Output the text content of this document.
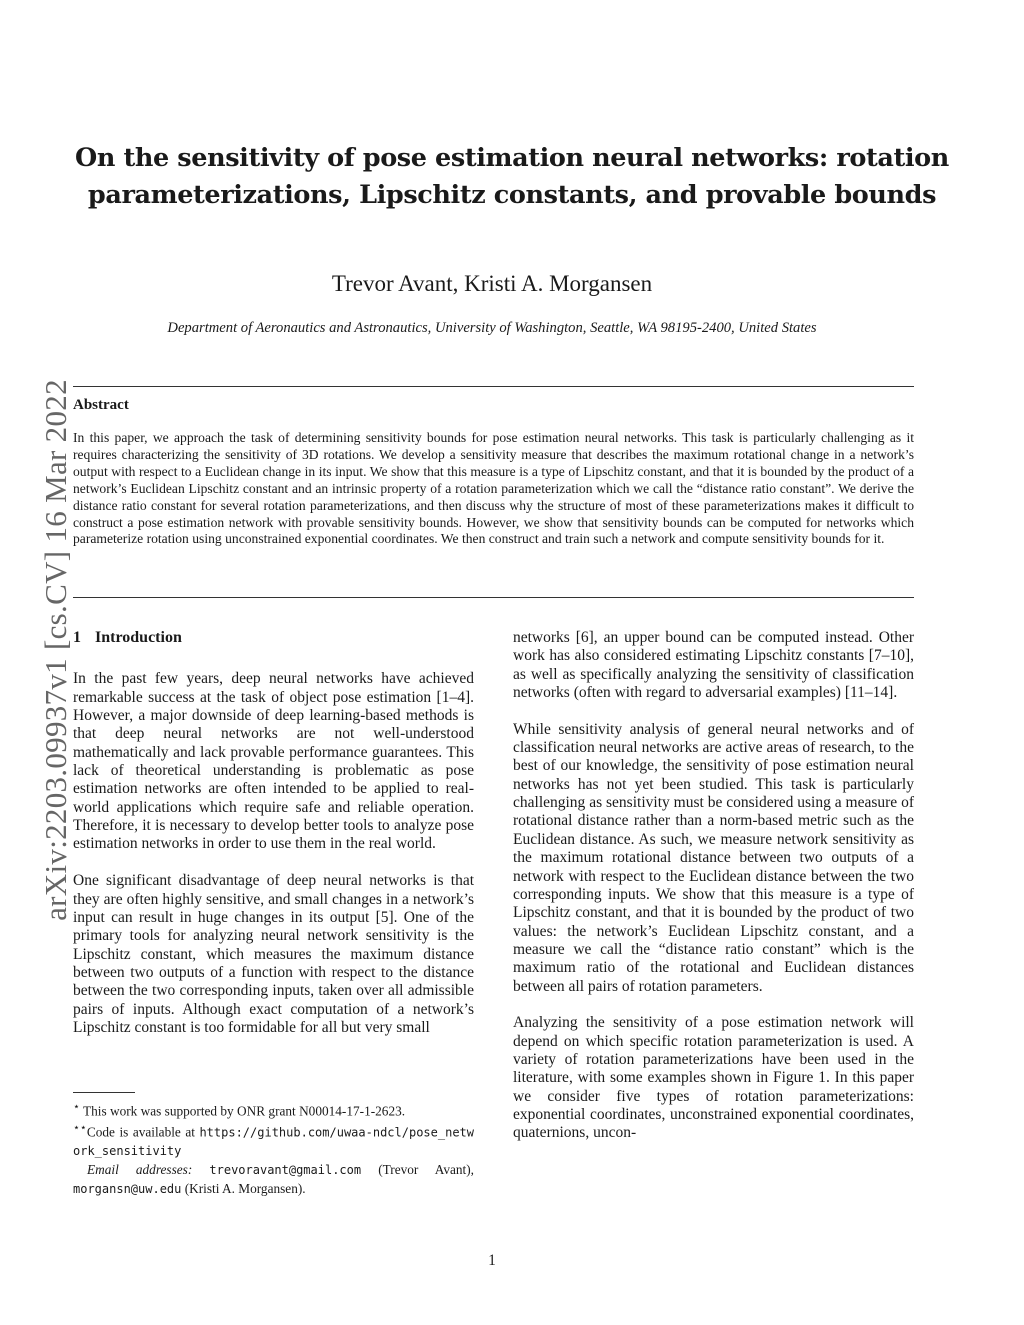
arXiv:2203.09937v1 [cs.CV] 16 Mar 2022
On the sensitivity of pose estimation neural networks: rotation
parameterizations, Lipschitz constants, and provable bounds
Trevor Avant, Kristi A. Morgansen
Department of Aeronautics and Astronautics, University of Washington, Seattle, WA 98195-2400, United States
Abstract

In this paper, we approach the task of determining sensitivity bounds for pose estimation neural networks. This task is particularly challenging as it requires characterizing the sensitivity of 3D rotations. We develop a sensitivity measure that describes the maximum rotational change in a network’s output with respect to a Euclidean change in its input. We show that this measure is a type of Lipschitz constant, and that it is bounded by the product of a network’s Euclidean Lipschitz constant and an intrinsic property of a rotation parameterization which we call the “distance ratio constant”. We derive the distance ratio constant for several rotation parameterizations, and then discuss why the structure of most of these parameterizations makes it difficult to construct a pose estimation network with provable sensitivity bounds. However, we show that sensitivity bounds can be computed for networks which parameterize rotation using unconstrained exponential coordinates. We then construct and train such a network and compute sensitivity bounds for it.

1 Introduction

In the past few years, deep neural networks have achieved remarkable success at the task of object pose estimation [1–4]. However, a major downside of deep learning-based methods is that deep neural networks are not well-understood mathematically and lack provable performance guarantees. This lack of theoretical understanding is problematic as pose estimation networks are often intended to be applied to real-world applications which require safe and reliable operation. Therefore, it is necessary to develop better tools to analyze pose estimation networks in order to use them in the real world.

One significant disadvantage of deep neural networks is that they are often highly sensitive, and small changes in a network’s input can result in huge changes in its output [5]. One of the primary tools for analyzing neural network sensitivity is the Lipschitz constant, which measures the maximum distance between two outputs of a function with respect to the distance between the two corresponding inputs, taken over all admissible pairs of inputs. Although exact computation of a network’s Lipschitz constant is too formidable for all but very small

networks [6], an upper bound can be computed instead. Other work has also considered estimating Lipschitz constants [7–10], as well as specifically analyzing the sensitivity of classification networks (often with regard to adversarial examples) [11–14].

While sensitivity analysis of general neural networks and of classification neural networks are active areas of research, to the best of our knowledge, the sensitivity of pose estimation neural networks has not yet been studied. This task is particularly challenging as sensitivity must be considered using a measure of rotational distance rather than a norm-based metric such as the Euclidean distance. As such, we measure network sensitivity as the maximum rotational distance between two outputs of a network with respect to the Euclidean distance between the two corresponding inputs. We show that this measure is a type of Lipschitz constant, and that it is bounded by the product of two values: the network’s Euclidean Lipschitz constant, and a measure we call the “distance ratio constant” which is the maximum ratio of the rotational and Euclidean distances between all pairs of rotation parameters.

Analyzing the sensitivity of a pose estimation network will depend on which specific rotation parameterization is used. A variety of rotation parameterizations have been used in the literature, with some examples shown in Figure 1. In this paper we consider five types of rotation parameterizations: exponential coordinates, unconstrained exponential coordinates, quaternions, uncon-

⋆ This work was supported by ONR grant N00014-17-1-2623.

⋆⋆Code is available at https://github.com/uwaa-ndcl/pose_network_sensitivity

Email addresses: trevoravant@gmail.com (Trevor Avant), morgansn@uw.edu (Kristi A. Morgansen).

1
